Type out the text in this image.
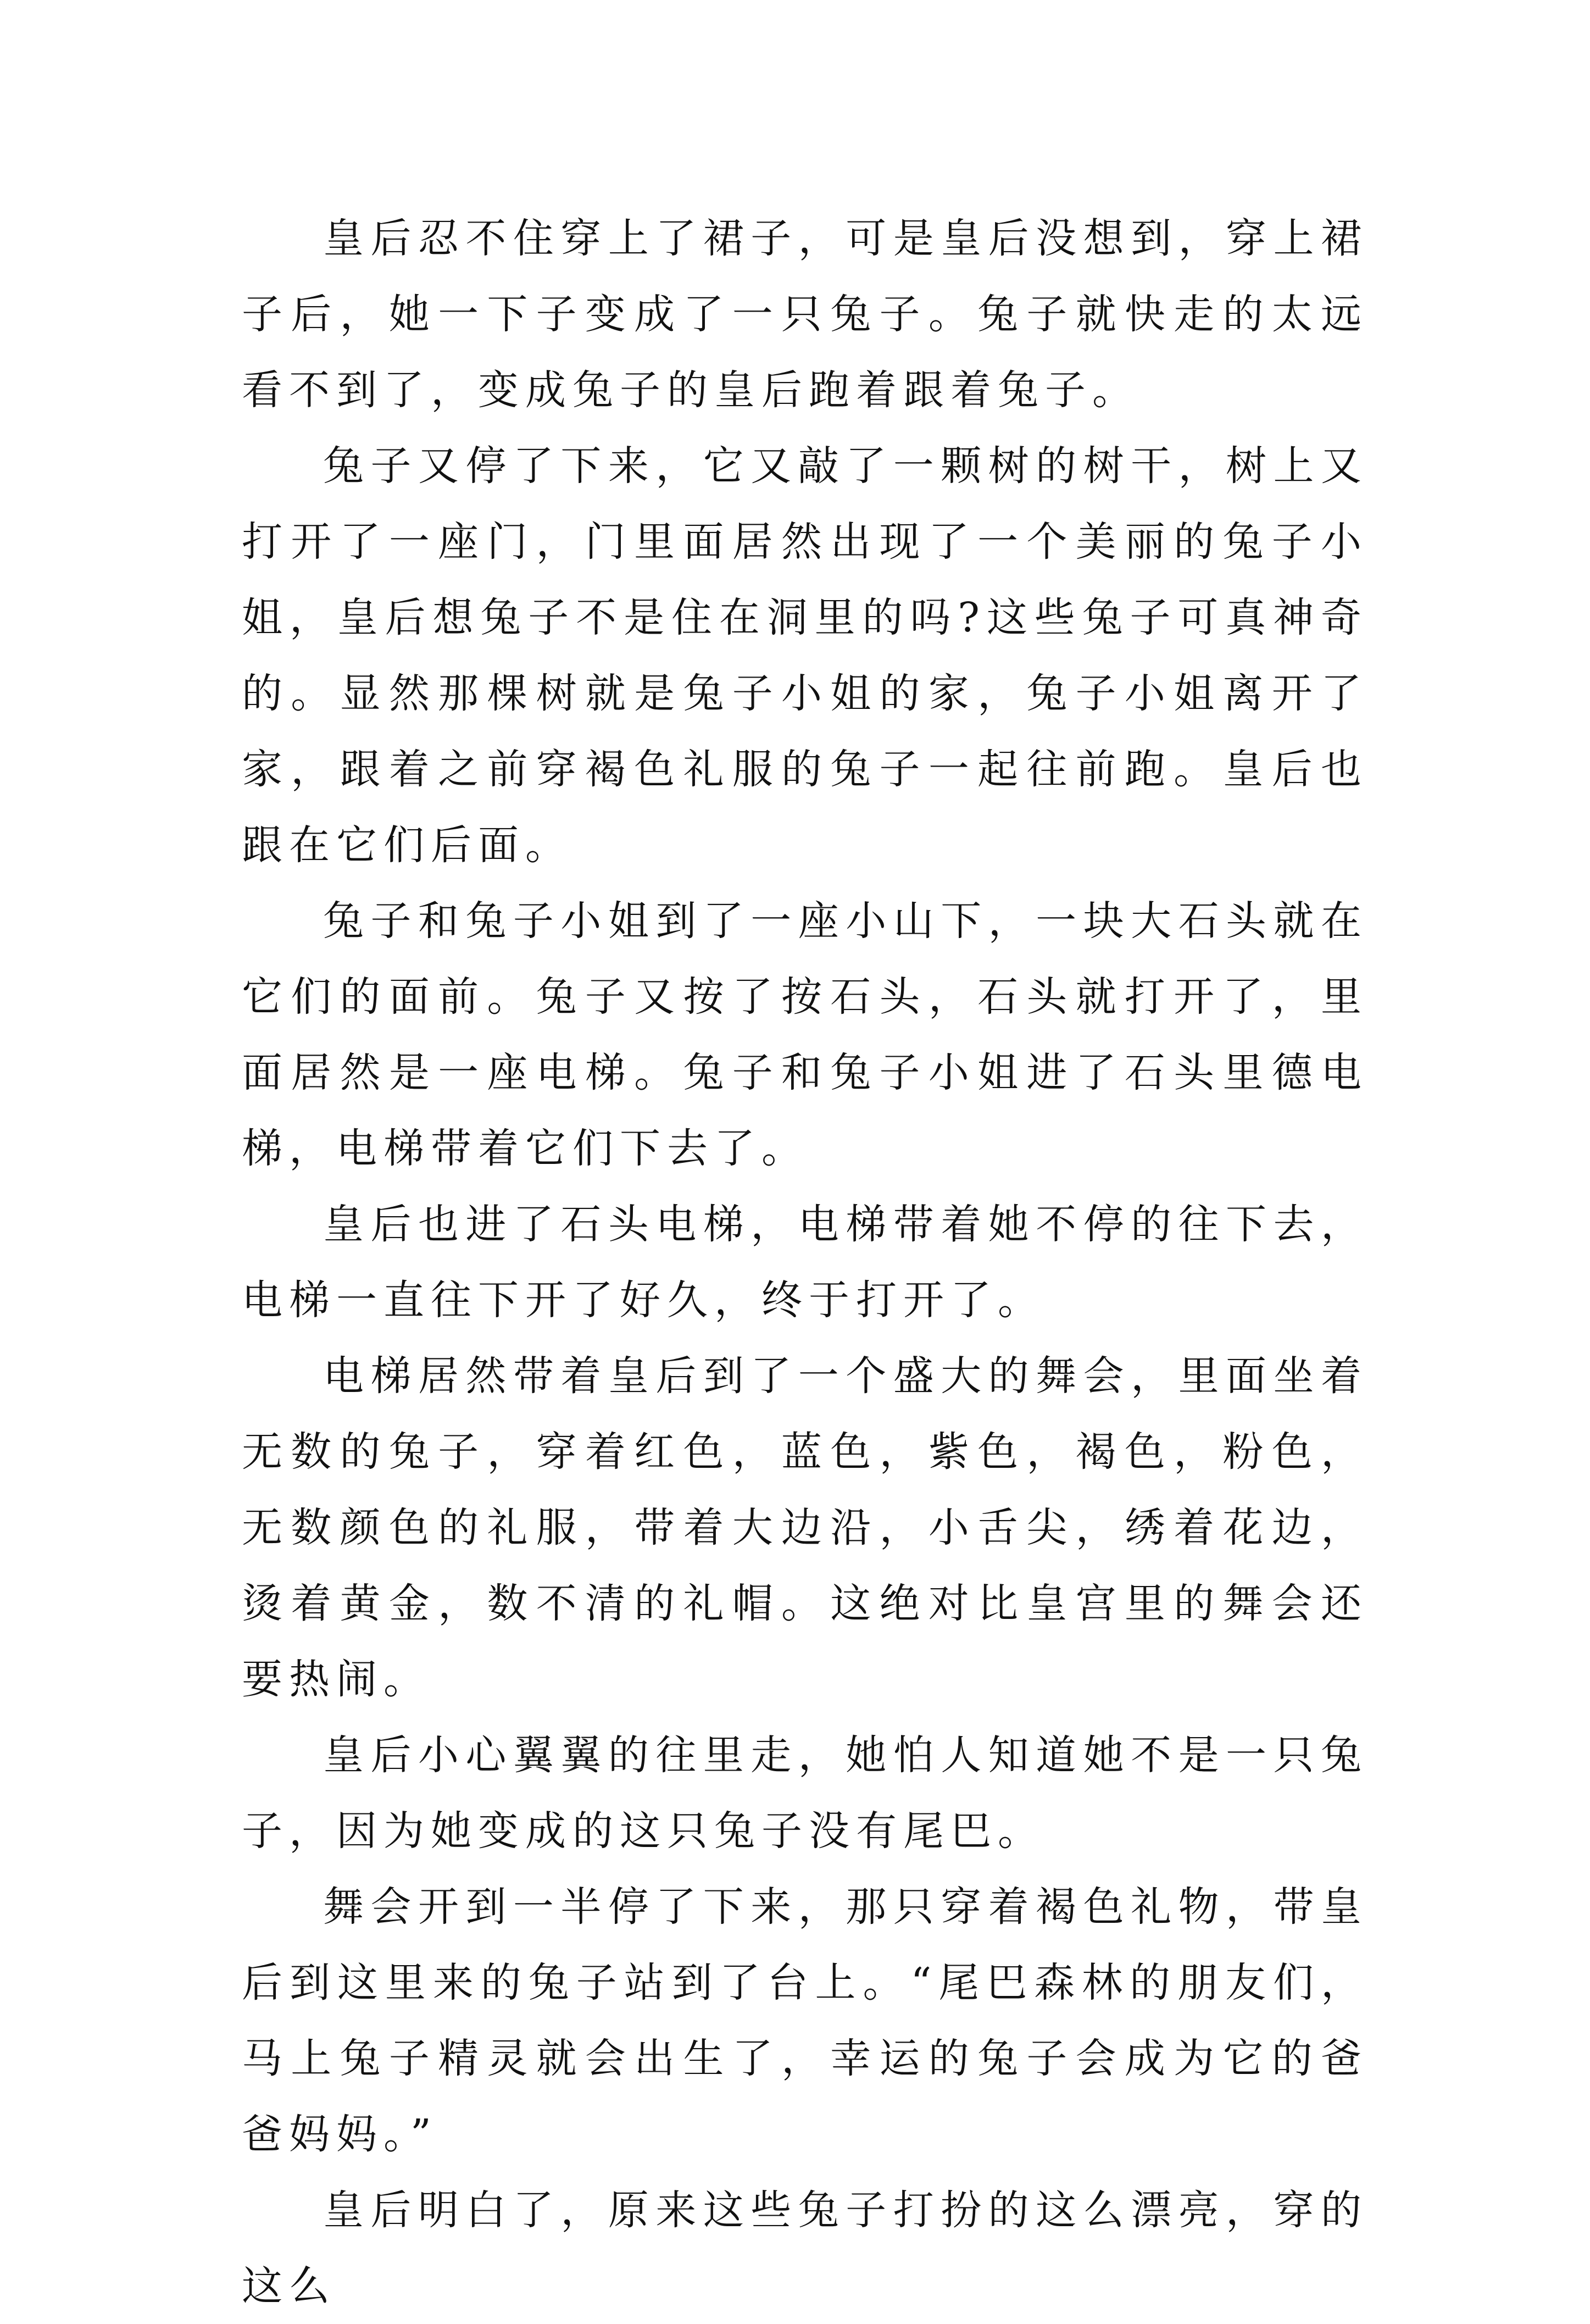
皇后忍不住穿上了裙子，可是皇后没想到，穿上裙子后，她一下子变成了一只兔子。兔子就快走的太远看不到了，变成兔子的皇后跑着跟着兔子。

兔子又停了下来，它又敲了一颗树的树干，树上又打开了一座门，门里面居然出现了一个美丽的兔子小姐，皇后想兔子不是住在洞里的吗?这些兔子可真神奇的。显然那棵树就是兔子小姐的家，兔子小姐离开了家，跟着之前穿褐色礼服的兔子一起往前跑。皇后也跟在它们后面。

兔子和兔子小姐到了一座小山下，一块大石头就在它们的面前。兔子又按了按石头，石头就打开了，里面居然是一座电梯。兔子和兔子小姐进了石头里德电梯，电梯带着它们下去了。

皇后也进了石头电梯，电梯带着她不停的往下去，电梯一直往下开了好久，终于打开了。

电梯居然带着皇后到了一个盛大的舞会，里面坐着无数的兔子，穿着红色，蓝色，紫色，褐色，粉色，无数颜色的礼服，带着大边沿，小舌尖，绣着花边，烫着黄金，数不清的礼帽。这绝对比皇宫里的舞会还要热闹。

皇后小心翼翼的往里走，她怕人知道她不是一只兔子，因为她变成的这只兔子没有尾巴。

舞会开到一半停了下来，那只穿着褐色礼物，带皇后到这里来的兔子站到了台上。“尾巴森林的朋友们，马上兔子精灵就会出生了，幸运的兔子会成为它的爸爸妈妈。”

皇后明白了，原来这些兔子打扮的这么漂亮，穿的这么
